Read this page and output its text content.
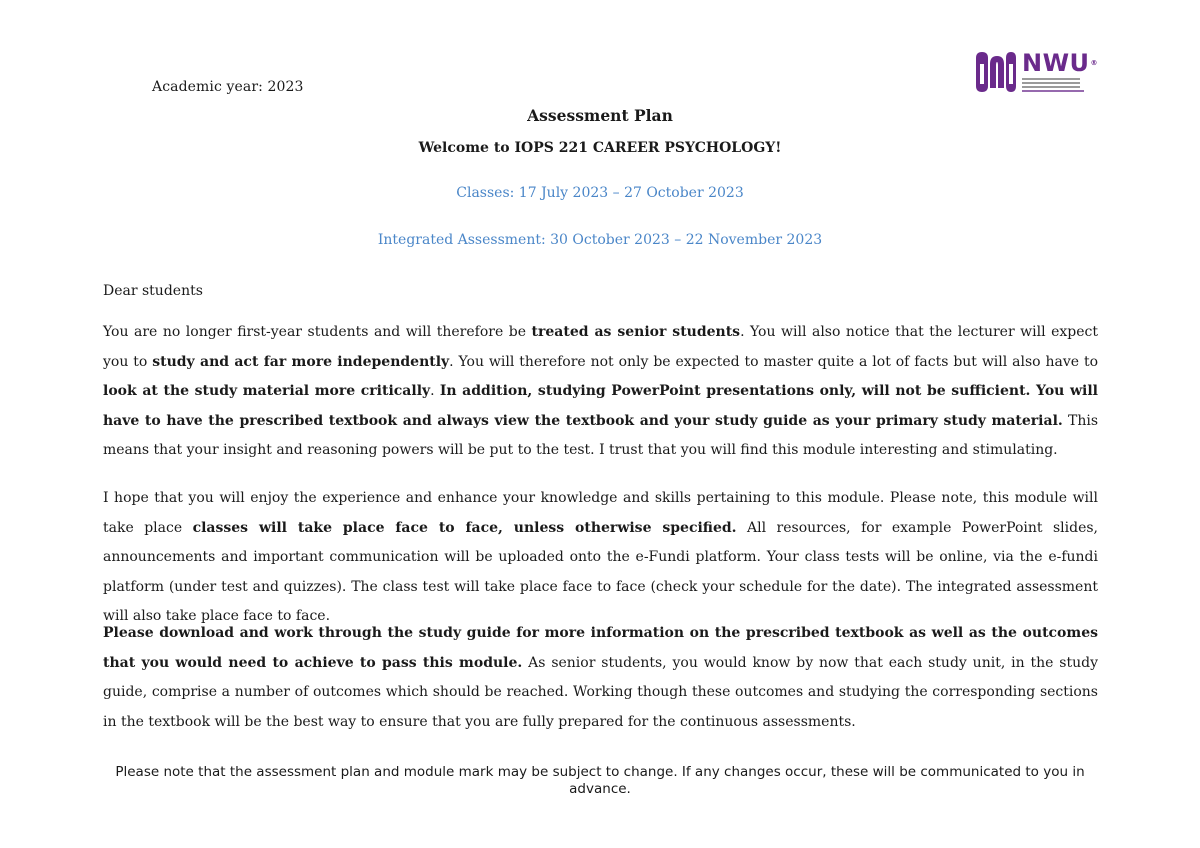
Academic year: 2023
NWU®
Assessment Plan
Welcome to IOPS 221 CAREER PSYCHOLOGY!
Classes: 17 July 2023 – 27 October 2023
Integrated Assessment: 30 October 2023 – 22 November 2023
Dear students
You are no longer first-year students and will therefore be treated as senior students. You will also notice that the lecturer will expect you to study and act far more independently. You will therefore not only be expected to master quite a lot of facts but will also have to look at the study material more critically. In addition, studying PowerPoint presentations only, will not be sufficient. You will have to have the prescribed textbook and always view the textbook and your study guide as your primary study material. This means that your insight and reasoning powers will be put to the test. I trust that you will find this module interesting and stimulating.
I hope that you will enjoy the experience and enhance your knowledge and skills pertaining to this module. Please note, this module will take place classes will take place face to face, unless otherwise specified. All resources, for example PowerPoint slides, announcements and important communication will be uploaded onto the e-Fundi platform. Your class tests will be online, via the e-fundi platform (under test and quizzes). The class test will take place face to face (check your schedule for the date). The integrated assessment will also take place face to face.
Please download and work through the study guide for more information on the prescribed textbook as well as the outcomes that you would need to achieve to pass this module. As senior students, you would know by now that each study unit, in the study guide, comprise a number of outcomes which should be reached. Working though these outcomes and studying the corresponding sections in the textbook will be the best way to ensure that you are fully prepared for the continuous assessments.
Please note that the assessment plan and module mark may be subject to change. If any changes occur, these will be communicated to you in advance.
